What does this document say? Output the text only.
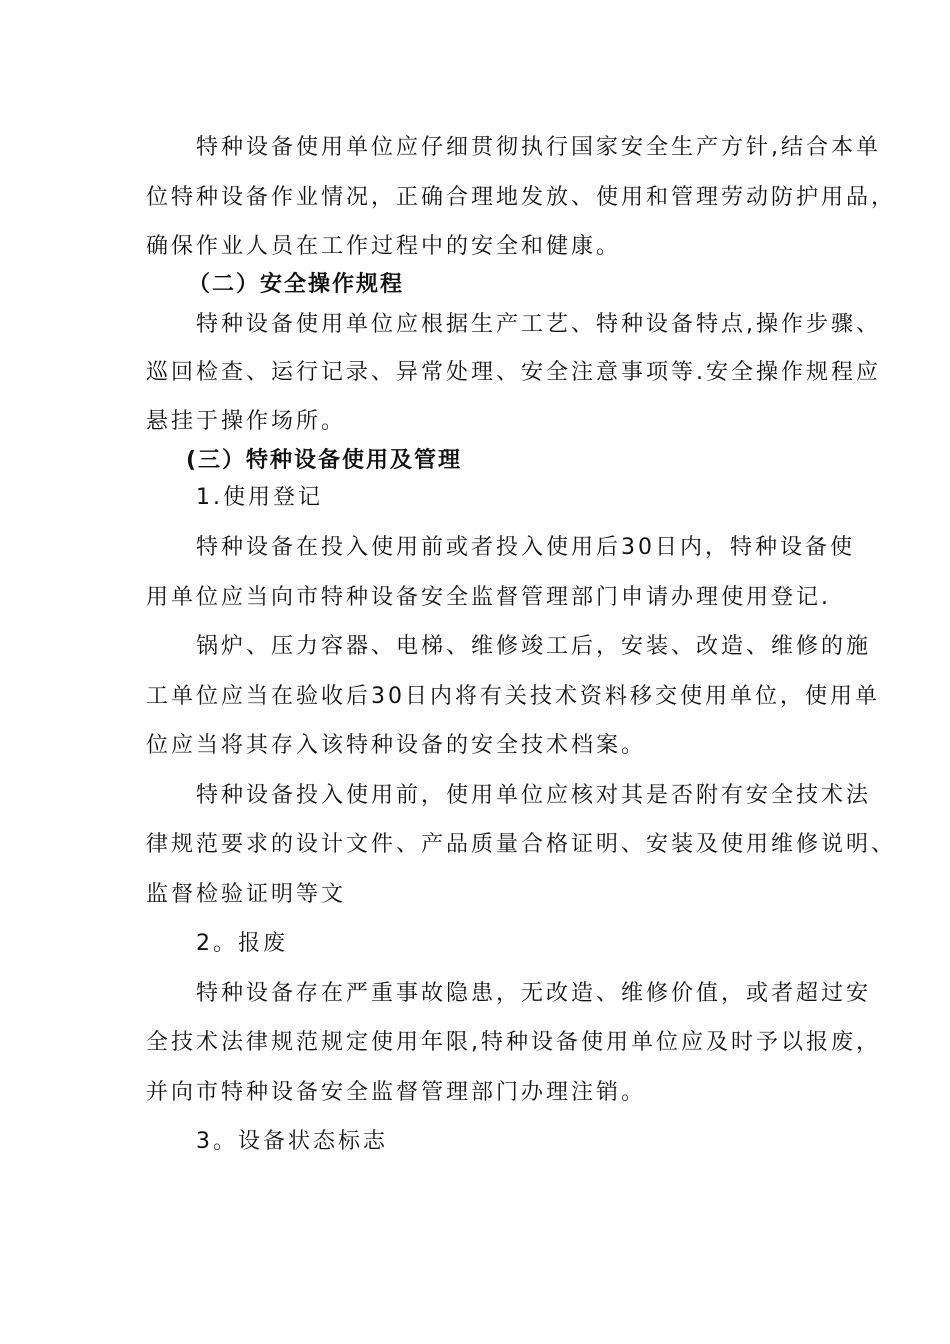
特种设备使用单位应仔细贯彻执行国家安全生产方针,结合本单
位特种设备作业情况，正确合理地发放、使用和管理劳动防护用品，
确保作业人员在工作过程中的安全和健康。
（二）安全操作规程
特种设备使用单位应根据生产工艺、特种设备特点,操作步骤、
巡回检查、运行记录、异常处理、安全注意事项等.安全操作规程应
悬挂于操作场所。
(三）特种设备使用及管理
1.使用登记
特种设备在投入使用前或者投入使用后30日内，特种设备使
用单位应当向市特种设备安全监督管理部门申请办理使用登记.
锅炉、压力容器、电梯、维修竣工后，安装、改造、维修的施
工单位应当在验收后30日内将有关技术资料移交使用单位，使用单
位应当将其存入该特种设备的安全技术档案。
特种设备投入使用前，使用单位应核对其是否附有安全技术法
律规范要求的设计文件、产品质量合格证明、安装及使用维修说明、
监督检验证明等文
2。报废
特种设备存在严重事故隐患，无改造、维修价值，或者超过安
全技术法律规范规定使用年限,特种设备使用单位应及时予以报废，
并向市特种设备安全监督管理部门办理注销。
3。设备状态标志
